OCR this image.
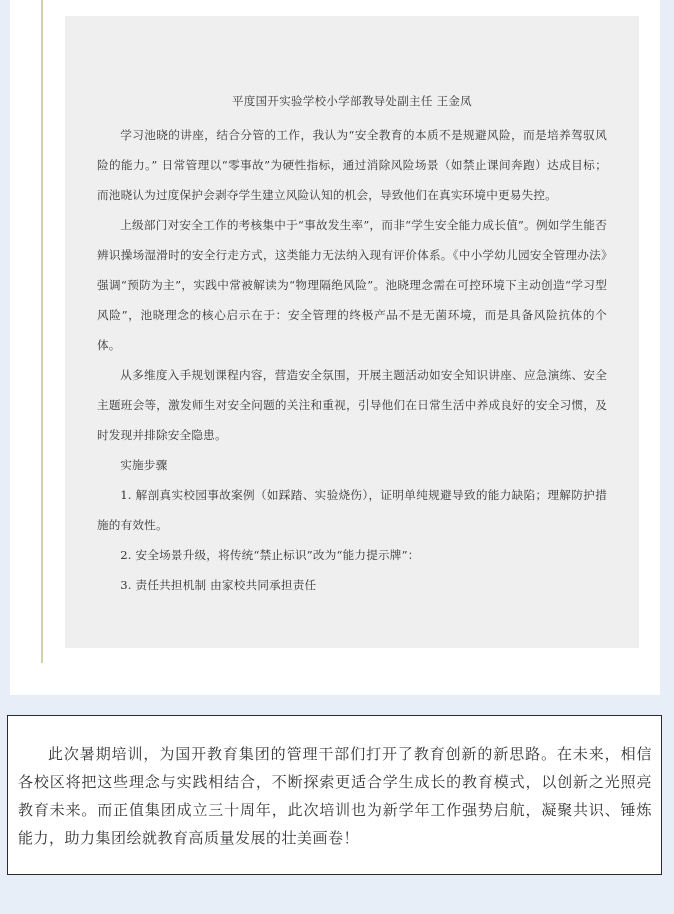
平度国开实验学校小学部教导处副主任 王金凤

学习池晓的讲座，结合分管的工作，我认为“安全教育的本质不是规避风险，而是培养驾驭风险的能力。” 日常管理以“零事故”为硬性指标，通过消除风险场景（如禁止课间奔跑）达成目标；而池晓认为过度保护会剥夺学生建立风险认知的机会，导致他们在真实环境中更易失控。

上级部门对安全工作的考核集中于“事故发生率”，而非“学生安全能力成长值”。例如学生能否辨识操场湿滑时的安全行走方式，这类能力无法纳入现有评价体系。《中小学幼儿园安全管理办法》强调“预防为主”，实践中常被解读为“物理隔绝风险”。池晓理念需在可控环境下主动创造“学习型风险”，池晓理念的核心启示在于：安全管理的终极产品不是无菌环境，而是具备风险抗体的个体。

从多维度入手规划课程内容，营造安全氛围，开展主题活动如安全知识讲座、应急演练、安全主题班会等，激发师生对安全问题的关注和重视，引导他们在日常生活中养成良好的安全习惯，及时发现并排除安全隐患。

实施步骤

1. 解剖真实校园事故案例（如踩踏、实验烧伤），证明单纯规避导致的能力缺陷；理解防护措施的有效性。

2. 安全场景升级，将传统“禁止标识”改为“能力提示牌”：

3. 责任共担机制 由家校共同承担责任

此次暑期培训，为国开教育集团的管理干部们打开了教育创新的新思路。在未来，相信各校区将把这些理念与实践相结合，不断探索更适合学生成长的教育模式，以创新之光照亮教育未来。而正值集团成立三十周年，此次培训也为新学年工作强势启航，凝聚共识、锤炼能力，助力集团绘就教育高质量发展的壮美画卷！
